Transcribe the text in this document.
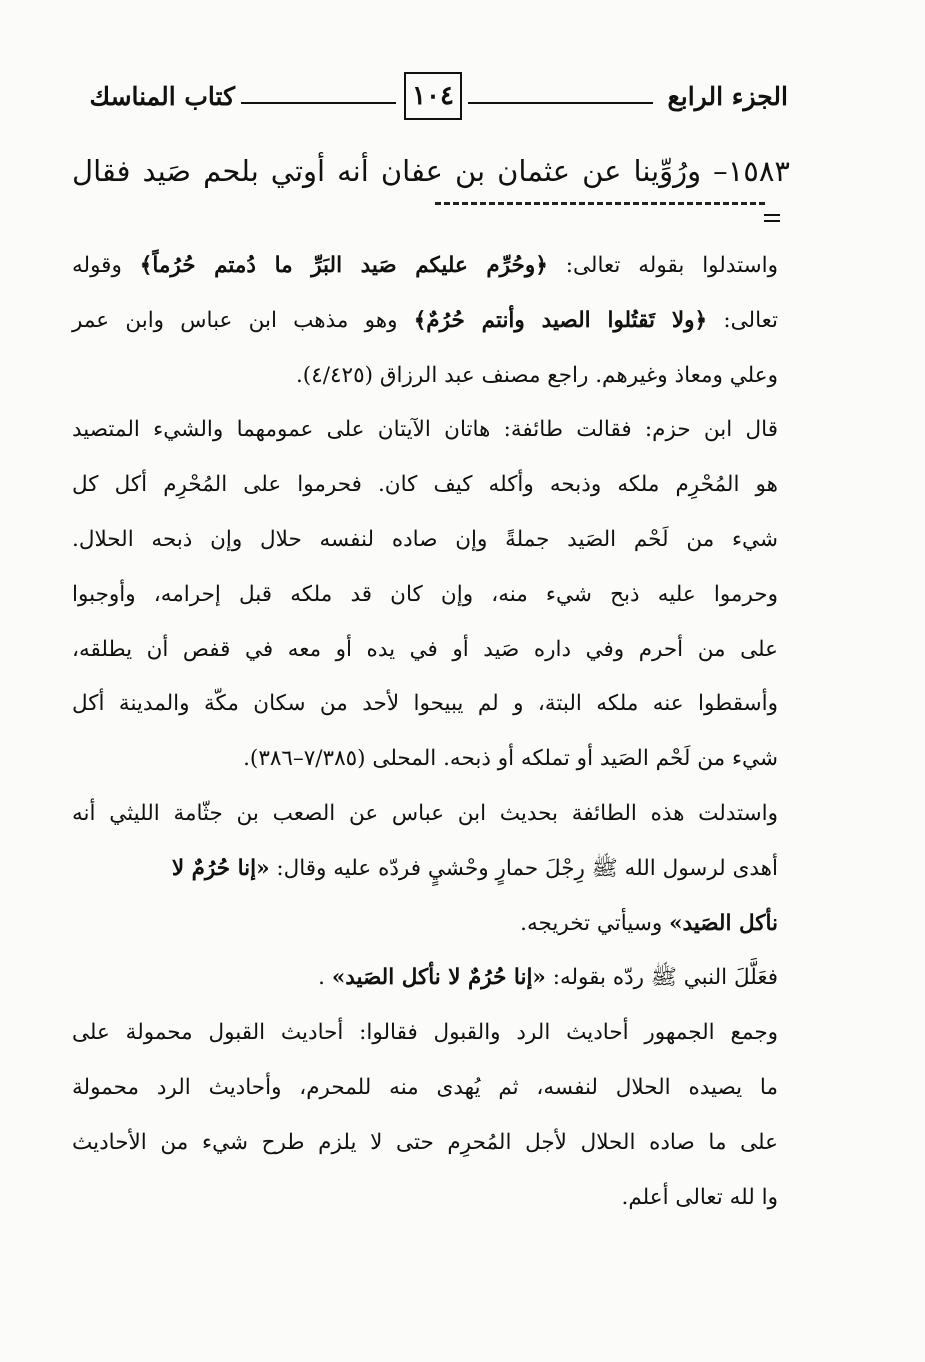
الجزء الرابع
١٠٤
كتاب المناسك
١٥٨٣– ورُوِّينا عن عثمان بن عفان أنه أوتي بلحم صَيد فقال
واستدلوا بقوله تعالى: ﴿وحُرِّم عليكم صَيد البَرِّ ما دُمتم حُرُماً﴾ وقوله
تعالى: ﴿ولا تَقتُلوا الصيد وأنتم حُرُمٌ﴾ وهو مذهب ابن عباس وابن عمر
وعلي ومعاذ وغيرهم. راجع مصنف عبد الرزاق (٤/٤٢٥).
قال ابن حزم: فقالت طائفة: هاتان الآيتان على عمومهما والشيء المتصيد
هو المُحْرِم ملكه وذبحه وأكله كيف كان. فحرموا على المُحْرِم أكل كل
شيء من لَحْم الصَيد جملةً وإن صاده لنفسه حلال وإن ذبحه الحلال.
وحرموا عليه ذبح شيء منه، وإن كان قد ملكه قبل إحرامه، وأوجبوا
على من أحرم وفي داره صَيد أو في يده أو معه في قفص أن يطلقه،
وأسقطوا عنه ملكه البتة، و لم يبيحوا لأحد من سكان مكّة والمدينة أكل
شيء من لَحْم الصَيد أو تملكه أو ذبحه. المحلى (٧/٣٨٥–٣٨٦).
واستدلت هذه الطائفة بحديث ابن عباس عن الصعب بن جثّامة الليثي أنه
أهدى لرسول الله ﷺ رِجْلَ حمارٍ وحْشيٍ فردّه عليه وقال: «إنا حُرُمٌ لا
نأكل الصَيد» وسيأتي تخريجه.
فعَلَّلَ النبي ﷺ ردّه بقوله: «إنا حُرُمٌ لا نأكل الصَيد» .
وجمع الجمهور أحاديث الرد والقبول فقالوا: أحاديث القبول محمولة على
ما يصيده الحلال لنفسه، ثم يُهدى منه للمحرم، وأحاديث الرد محمولة
على ما صاده الحلال لأجل المُحرِم حتى لا يلزم طرح شيء من الأحاديث
وا لله تعالى أعلم.
